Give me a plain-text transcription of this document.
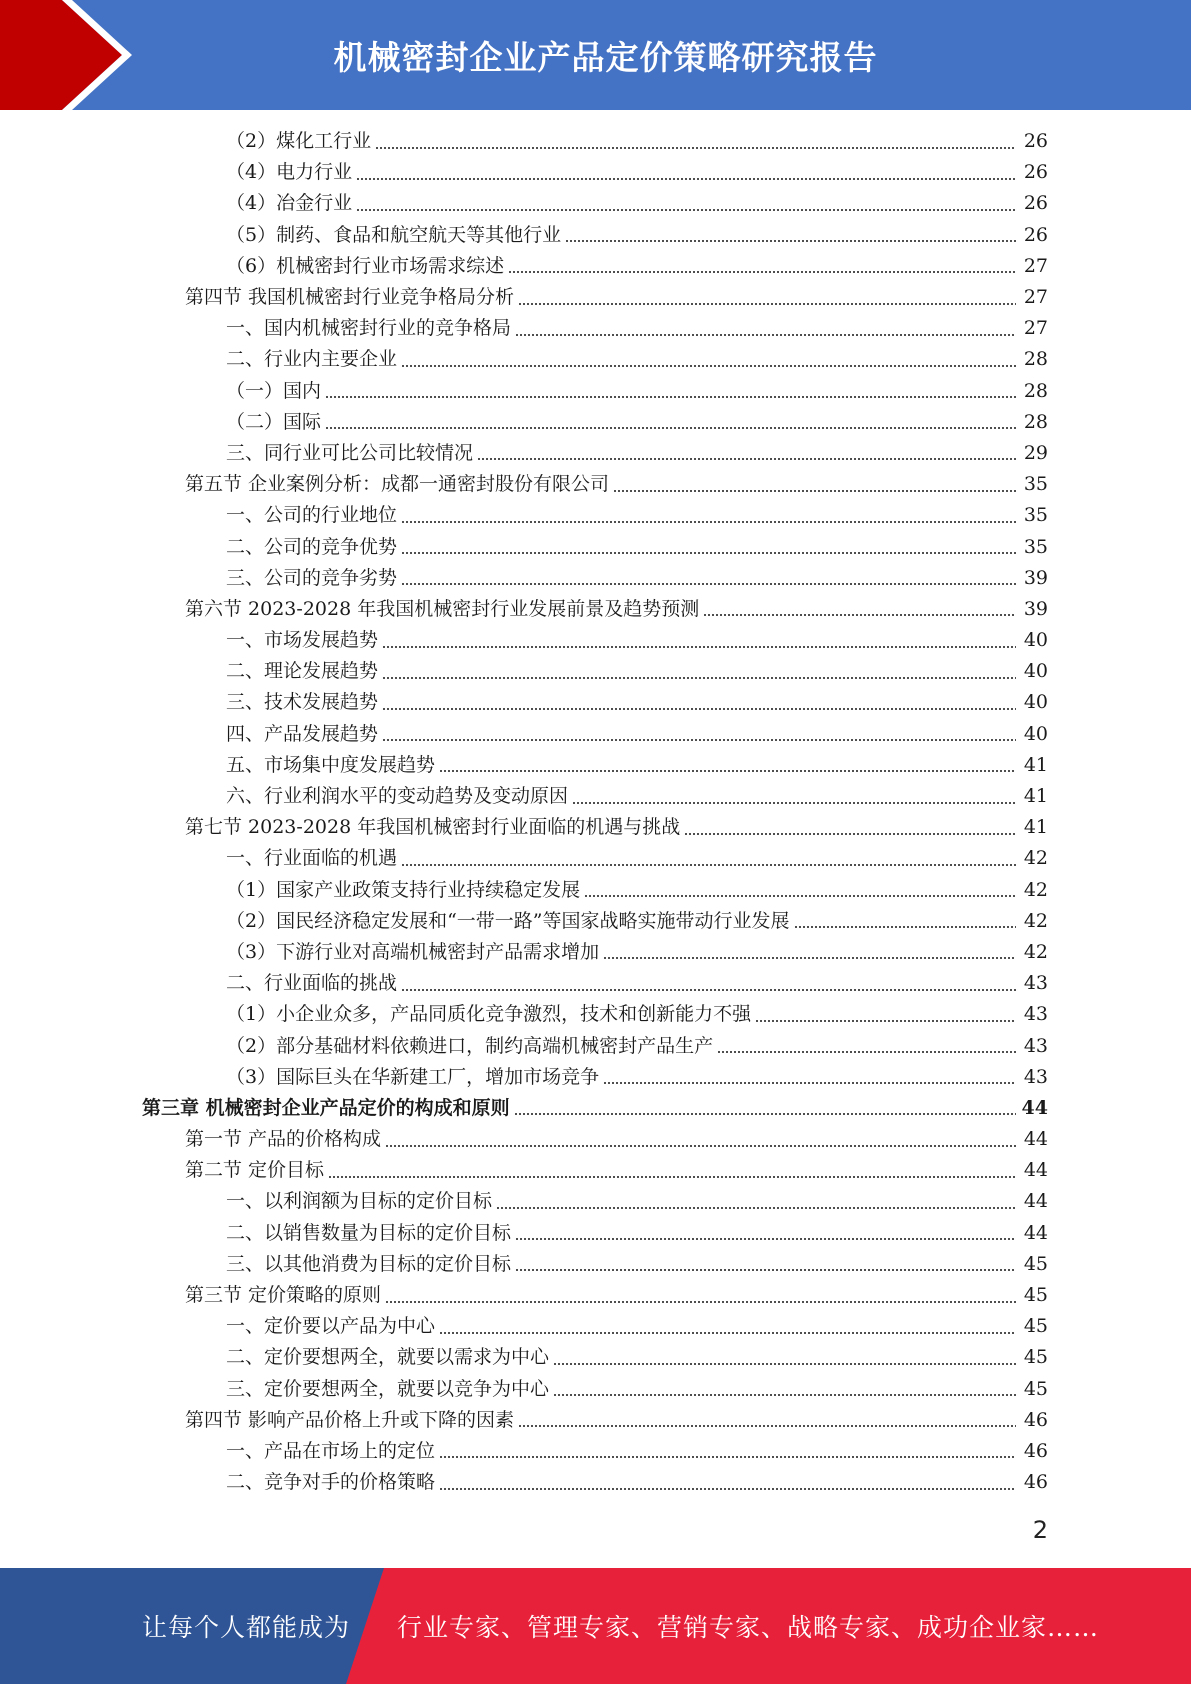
机械密封企业产品定价策略研究报告
（2）煤化工行业	26
（4）电力行业	26
（4）冶金行业	26
（5）制药、食品和航空航天等其他行业	26
（6）机械密封行业市场需求综述	27
第四节 我国机械密封行业竞争格局分析	27
一、国内机械密封行业的竞争格局	27
二、行业内主要企业	28
（一）国内	28
（二）国际	28
三、同行业可比公司比较情况	29
第五节 企业案例分析：成都一通密封股份有限公司	35
一、公司的行业地位	35
二、公司的竞争优势	35
三、公司的竞争劣势	39
第六节 2023-2028 年我国机械密封行业发展前景及趋势预测	39
一、市场发展趋势	40
二、理论发展趋势	40
三、技术发展趋势	40
四、产品发展趋势	40
五、市场集中度发展趋势	41
六、行业利润水平的变动趋势及变动原因	41
第七节 2023-2028 年我国机械密封行业面临的机遇与挑战	41
一、行业面临的机遇	42
（1）国家产业政策支持行业持续稳定发展	42
（2）国民经济稳定发展和“一带一路”等国家战略实施带动行业发展	42
（3）下游行业对高端机械密封产品需求增加	42
二、行业面临的挑战	43
（1）小企业众多，产品同质化竞争激烈，技术和创新能力不强	43
（2）部分基础材料依赖进口，制约高端机械密封产品生产	43
（3）国际巨头在华新建工厂，增加市场竞争	43
第三章 机械密封企业产品定价的构成和原则	44
第一节 产品的价格构成	44
第二节 定价目标	44
一、以利润额为目标的定价目标	44
二、以销售数量为目标的定价目标	44
三、以其他消费为目标的定价目标	45
第三节 定价策略的原则	45
一、定价要以产品为中心	45
二、定价要想两全，就要以需求为中心	45
三、定价要想两全，就要以竞争为中心	45
第四节 影响产品价格上升或下降的因素	46
一、产品在市场上的定位	46
二、竞争对手的价格策略	46
2
让每个人都能成为 行业专家、管理专家、营销专家、战略专家、成功企业家……
